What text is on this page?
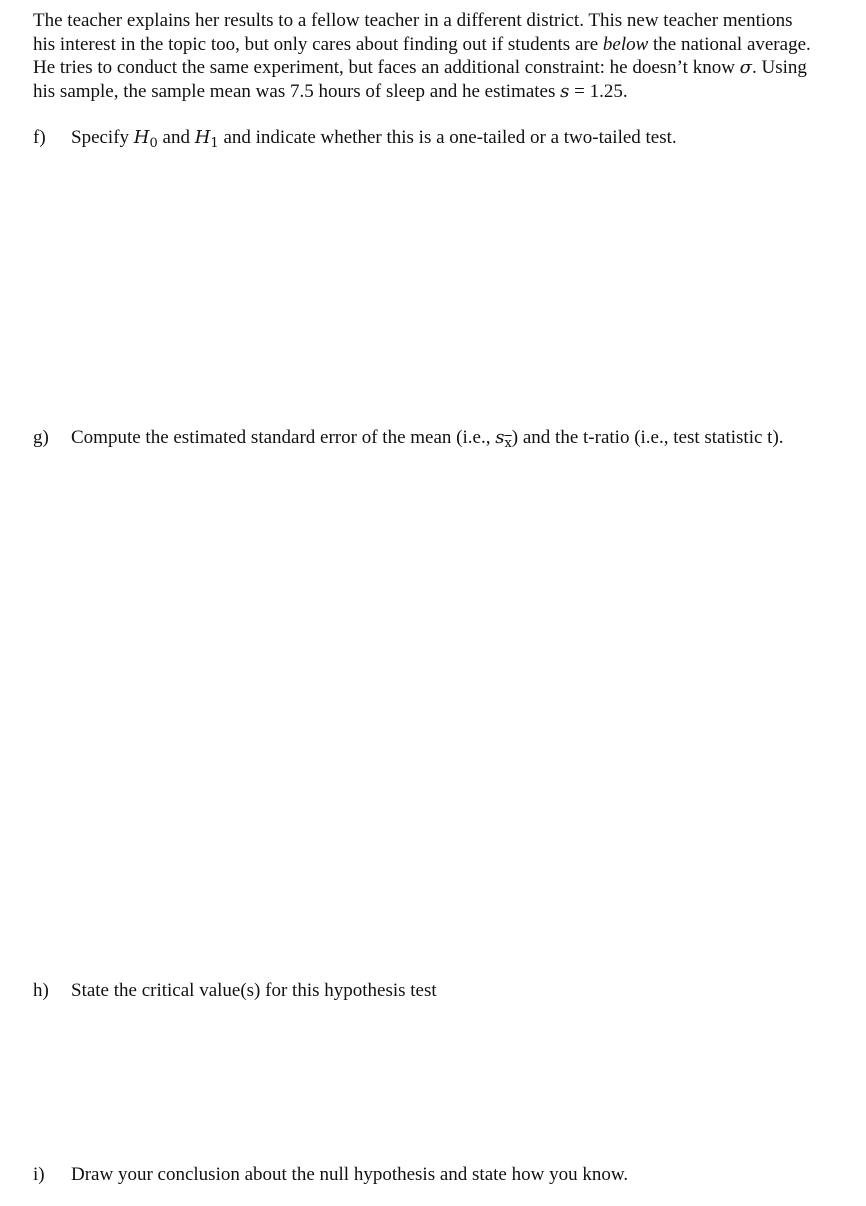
The teacher explains her results to a fellow teacher in a different district. This new teacher mentions
his interest in the topic too, but only cares about finding out if students are below the national average.
He tries to conduct the same experiment, but faces an additional constraint: he doesn’t know σ. Using
his sample, the sample mean was 7.5 hours of sleep and he estimates s = 1.25.
f) Specify $H_0$ and $H_1$ and indicate whether this is a one-tailed or a two-tailed test.
g) Compute the estimated standard error of the mean (i.e., $s_{\overline{x}}$) and the t-ratio (i.e., test statistic t).
h) State the critical value(s) for this hypothesis test
i) Draw your conclusion about the null hypothesis and state how you know.
